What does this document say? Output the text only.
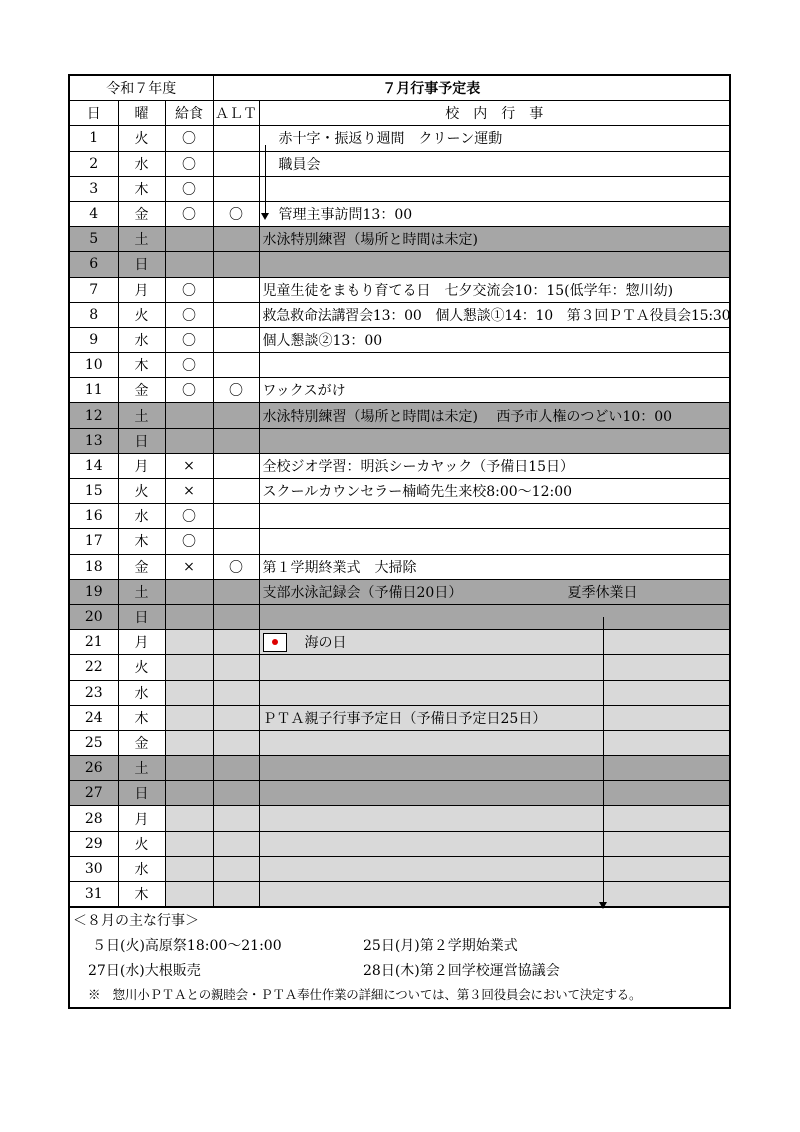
令和７年度			７月行事予定表	
日	曜	給食	ＡＬＴ	校　内　行　事
1	火	〇		赤十字・振返り週間　クリーン運動
2	水	〇		職員会
3	木	〇		
4	金	〇	〇	管理主事訪問13：00
5	土			水泳特別練習（場所と時間は未定)
6	日			
7	月	〇		児童生徒をまもり育てる日　七夕交流会10：15(低学年：惣川幼)
8	火	〇		救急救命法講習会13：00　個人懇談①14：10　第３回ＰＴＡ役員会15:30
9	水	〇		個人懇談②13：00
10	木	〇		
11	金	〇	〇	ワックスがけ
12	土			水泳特別練習（場所と時間は未定)　 西予市人権のつどい10：00
13	日			
14	月	×		全校ジオ学習：明浜シーカヤック（予備日15日）
15	火	×		スクールカウンセラー楠崎先生来校8:00～12:00
16	水	〇		
17	木	〇		
18	金	×	〇	第１学期終業式　大掃除
19	土			支部水泳記録会（予備日20日） 夏季休業日

20	日			
21	月			海の日
22	火			
23	水			
24	木			ＰＴＡ親子行事予定日（予備日予定日25日）
25	金			
26	土			
27	日			
28	月			
29	火			
30	水			
31	木			
＜８月の主な行事＞
５日(火)高原祭18:00～21:00	25日(月)第２学期始業式
27日(水)大根販売	28日(木)第２回学校運営協議会
※　惣川小ＰＴＡとの親睦会・ＰＴＡ奉仕作業の詳細については、第３回役員会において決定する。
